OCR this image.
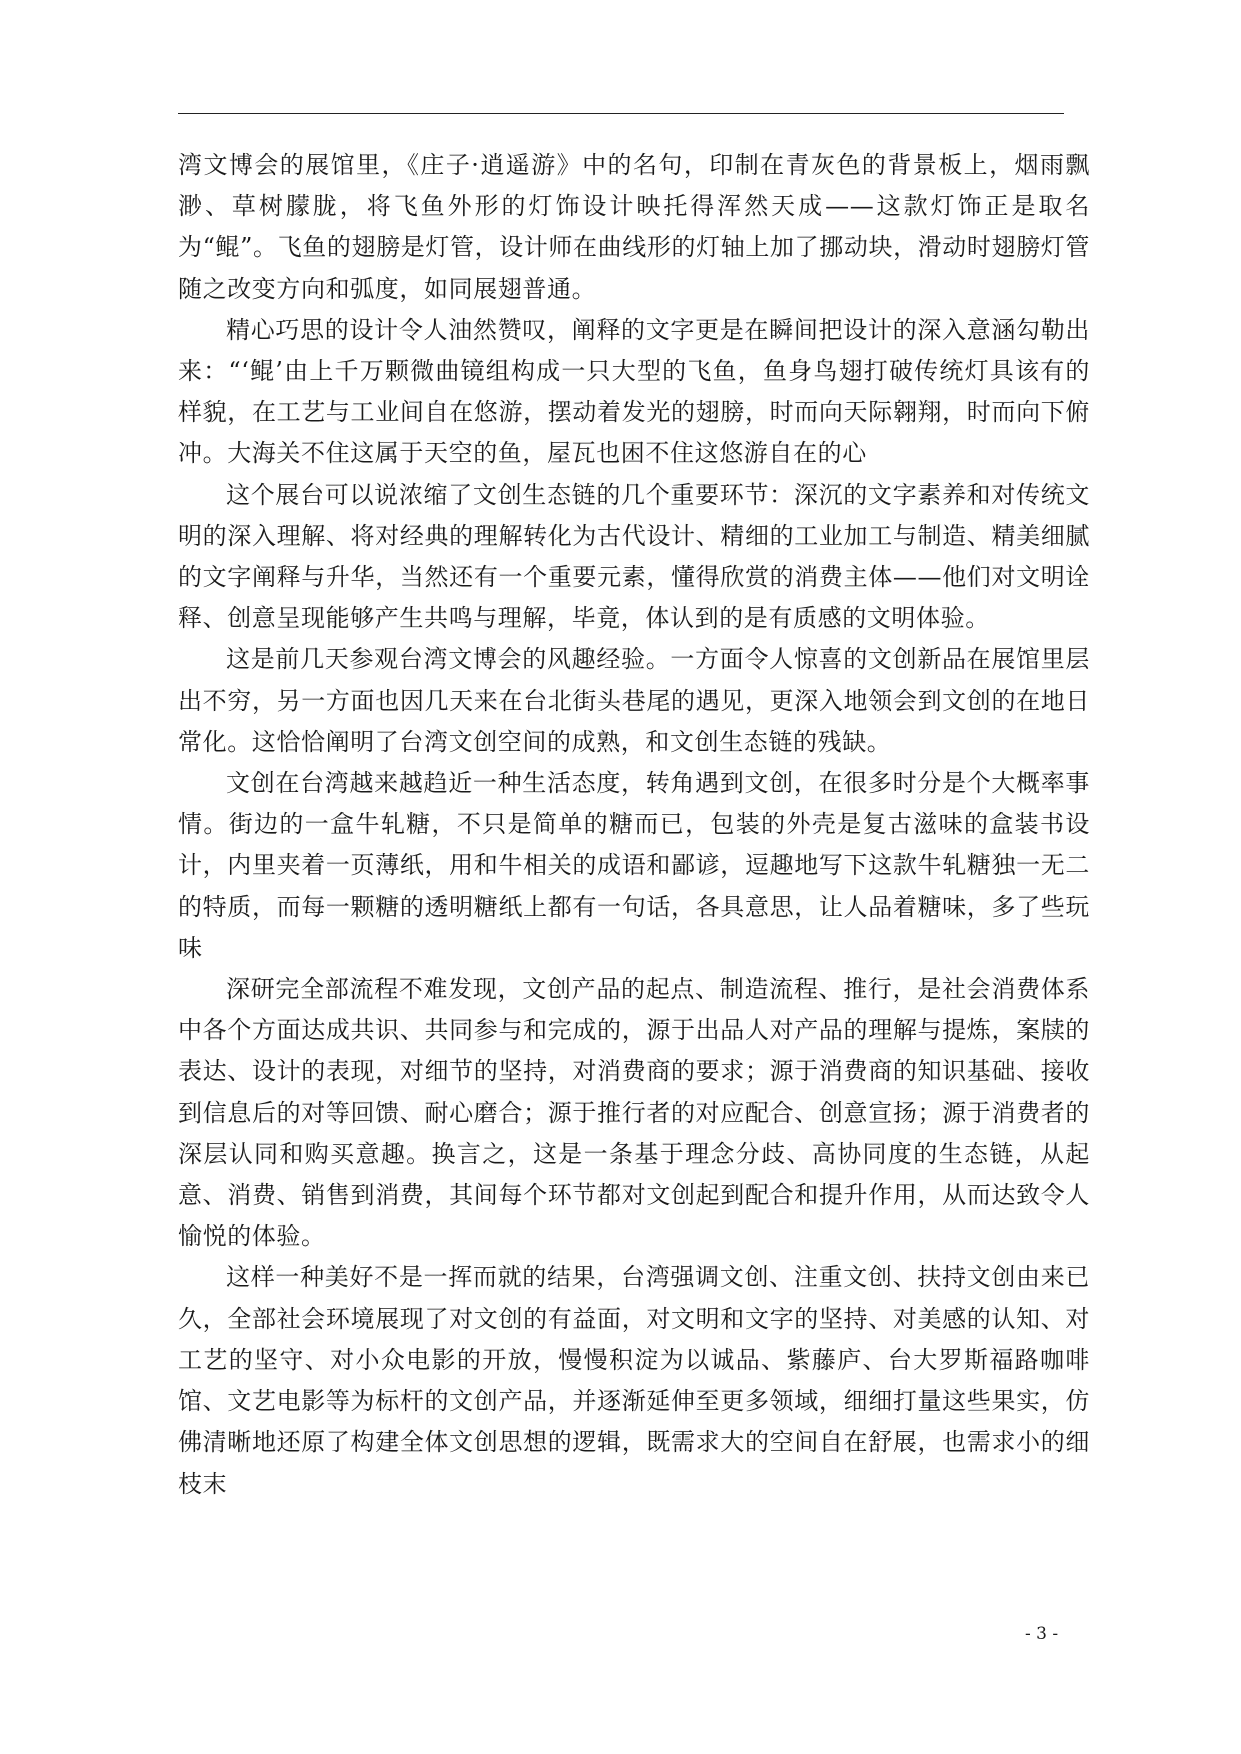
湾文博会的展馆里，《庄子·逍遥游》中的名句，印制在青灰色的背景板上，烟雨飘渺、草树朦胧，将飞鱼外形的灯饰设计映托得浑然天成——这款灯饰正是取名为“鲲”。飞鱼的翅膀是灯管，设计师在曲线形的灯轴上加了挪动块，滑动时翅膀灯管随之改变方向和弧度，如同展翅普通。

精心巧思的设计令人油然赞叹，阐释的文字更是在瞬间把设计的深入意涵勾勒出来：“‘鲲’由上千万颗微曲镜组构成一只大型的飞鱼，鱼身鸟翅打破传统灯具该有的样貌，在工艺与工业间自在悠游，摆动着发光的翅膀，时而向天际翱翔，时而向下俯冲。大海关不住这属于天空的鱼，屋瓦也困不住这悠游自在的心

这个展台可以说浓缩了文创生态链的几个重要环节：深沉的文字素养和对传统文明的深入理解、将对经典的理解转化为古代设计、精细的工业加工与制造、精美细腻的文字阐释与升华，当然还有一个重要元素，懂得欣赏的消费主体——他们对文明诠释、创意呈现能够产生共鸣与理解，毕竟，体认到的是有质感的文明体验。

这是前几天参观台湾文博会的风趣经验。一方面令人惊喜的文创新品在展馆里层出不穷，另一方面也因几天来在台北街头巷尾的遇见，更深入地领会到文创的在地日常化。这恰恰阐明了台湾文创空间的成熟，和文创生态链的残缺。

文创在台湾越来越趋近一种生活态度，转角遇到文创，在很多时分是个大概率事情。街边的一盒牛轧糖，不只是简单的糖而已，包装的外壳是复古滋味的盒装书设计，内里夹着一页薄纸，用和牛相关的成语和鄙谚，逗趣地写下这款牛轧糖独一无二的特质，而每一颗糖的透明糖纸上都有一句话，各具意思，让人品着糖味，多了些玩味

深研完全部流程不难发现，文创产品的起点、制造流程、推行，是社会消费体系中各个方面达成共识、共同参与和完成的，源于出品人对产品的理解与提炼，案牍的表达、设计的表现，对细节的坚持，对消费商的要求；源于消费商的知识基础、接收到信息后的对等回馈、耐心磨合；源于推行者的对应配合、创意宣扬；源于消费者的深层认同和购买意趣。换言之，这是一条基于理念分歧、高协同度的生态链，从起意、消费、销售到消费，其间每个环节都对文创起到配合和提升作用，从而达致令人愉悦的体验。

这样一种美好不是一挥而就的结果，台湾强调文创、注重文创、扶持文创由来已久，全部社会环境展现了对文创的有益面，对文明和文字的坚持、对美感的认知、对工艺的坚守、对小众电影的开放，慢慢积淀为以诚品、紫藤庐、台大罗斯福路咖啡馆、文艺电影等为标杆的文创产品，并逐渐延伸至更多领域，细细打量这些果实，仿佛清晰地还原了构建全体文创思想的逻辑，既需求大的空间自在舒展，也需求小的细枝末

- 3 -
